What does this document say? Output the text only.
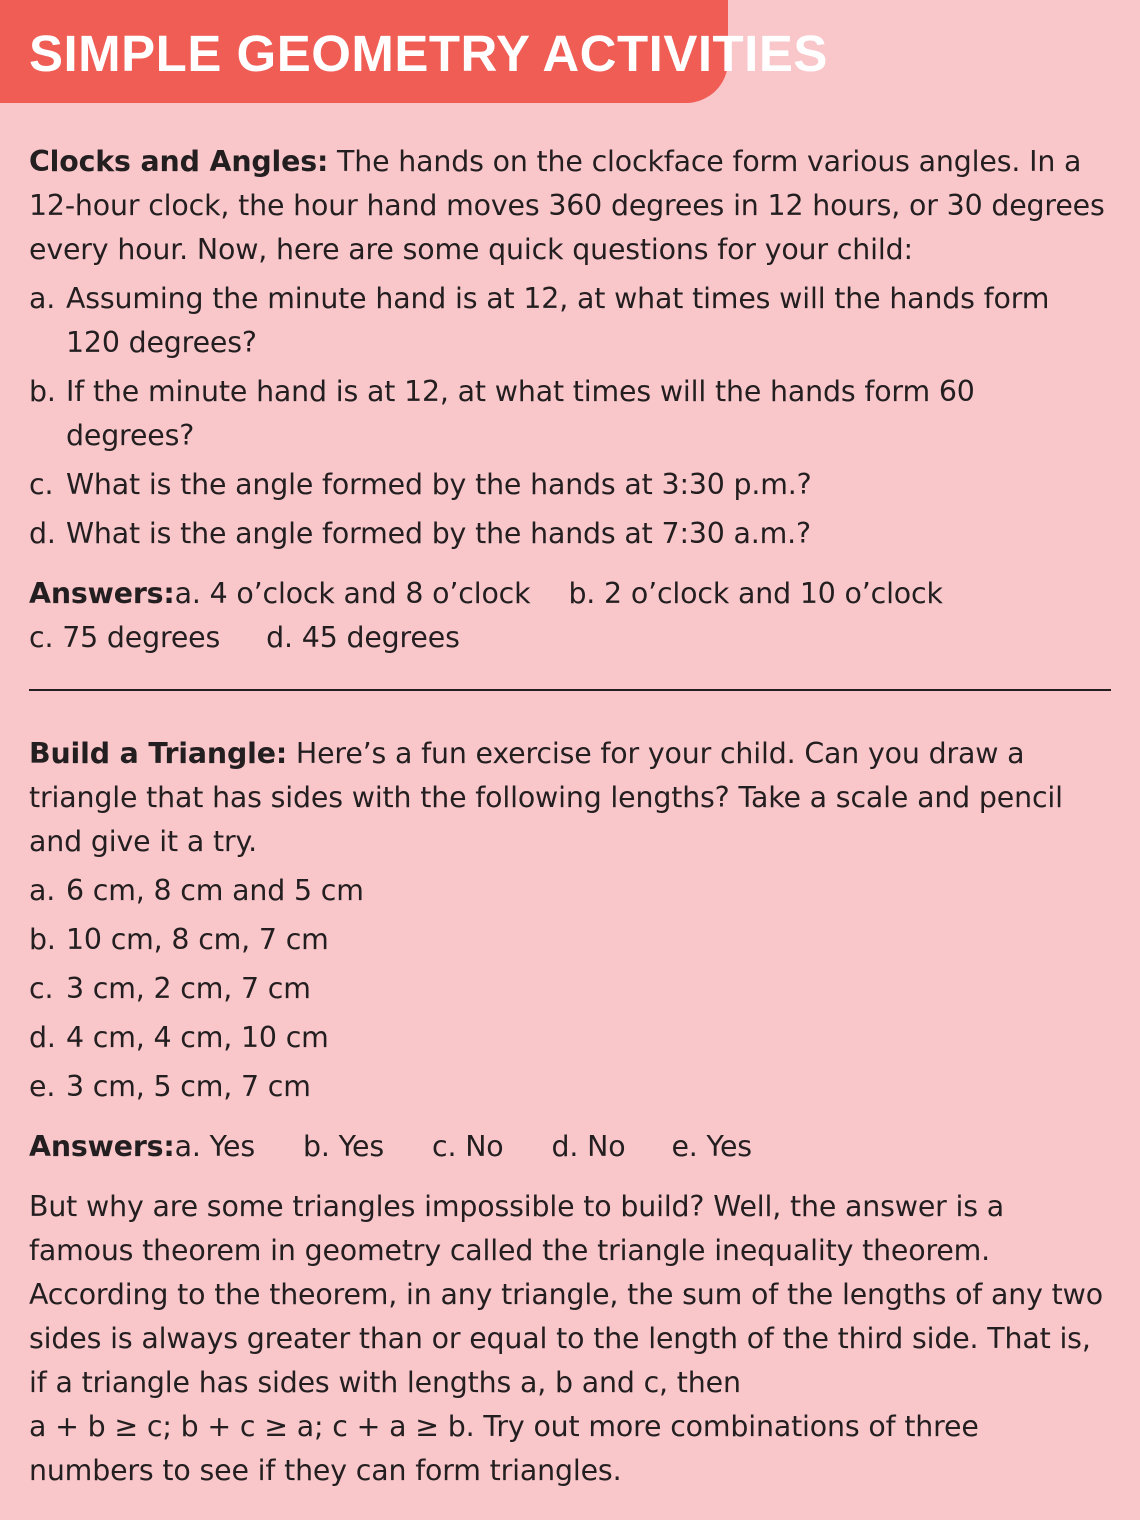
SIMPLE GEOMETRY ACTIVITIES

Clocks and Angles: The hands on the clockface form various angles. In a 12-hour clock, the hour hand moves 360 degrees in 12 hours, or 30 degrees every hour. Now, here are some quick questions for your child:

a. Assuming the minute hand is at 12, at what times will the hands form 120 degrees?
b. If the minute hand is at 12, at what times will the hands form 60 degrees?
c. What is the angle formed by the hands at 3:30 p.m.?
d. What is the angle formed by the hands at 7:30 a.m.?

Answers:a. 4 o’clock and 8 o’clock b. 2 o’clock and 10 o’clock
c. 75 degrees d. 45 degrees

Build a Triangle: Here’s a fun exercise for your child. Can you draw a triangle that has sides with the following lengths? Take a scale and pencil and give it a try.

a. 6 cm, 8 cm and 5 cm
b. 10 cm, 8 cm, 7 cm
c. 3 cm, 2 cm, 7 cm
d. 4 cm, 4 cm, 10 cm
e. 3 cm, 5 cm, 7 cm

Answers:a. Yes b. Yes c. No d. No e. Yes

But why are some triangles impossible to build? Well, the answer is a famous theorem in geometry called the triangle inequality theorem. According to the theorem, in any triangle, the sum of the lengths of any two sides is always greater than or equal to the length of the third side. That is, if a triangle has sides with lengths a, b and c, then
a + b ≥ c; b + c ≥ a; c + a ≥ b. Try out more combinations of three numbers to see if they can form triangles.
